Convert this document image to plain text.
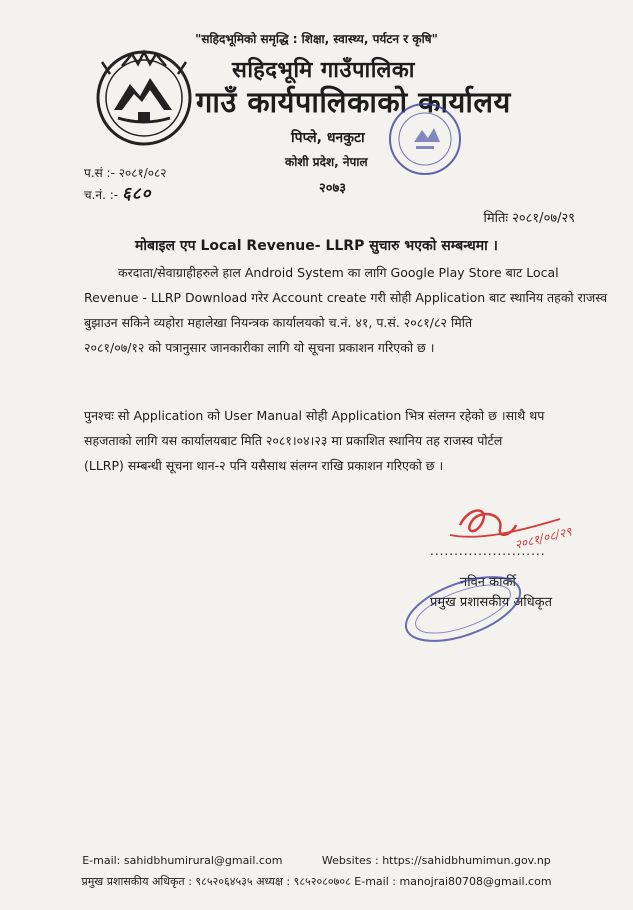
"सहिदभूमिको समृद्धि : शिक्षा, स्वास्थ्य, पर्यटन र कृषि"
सहिदभूमि गाउँपालिका
गाउँ कार्यपालिकाको कार्यालय
पिप्ले, धनकुटा
कोशी प्रदेश, नेपाल
२०७३
प.सं :- २०८१/०८२
च.नं. :- ६८०
मितिः २०८१/०७/२९
मोबाइल एप Local Revenue- LLRP सुचारु भएको सम्बन्धमा ।
करदाता/सेवाग्राहीहरुले हाल Android System का लागि Google Play Store बाट Local
Revenue - LLRP Download गरेर Account create गरी सोही Application बाट स्थानिय तहको राजस्व
बुझाउन सकिने व्यहोरा महालेखा नियन्त्रक कार्यालयको च.नं. ४१, प.सं. २०८१/८२ मिति
२०८१/०७/१२ को पत्रानुसार जानकारीका लागि यो सूचना प्रकाशन गरिएको छ ।
पुनश्चः सो Application को User Manual सोही Application भित्र संलग्न रहेको छ ।साथै थप
सहजताको लागि यस कार्यालयबाट मिति २०८१।०४।२३ मा प्रकाशित स्थानिय तह राजस्व पोर्टल
(LLRP) सम्बन्धी सूचना थान-२ पनि यसैसाथ संलग्न राखि प्रकाशन गरिएको छ ।
२०८१/०८/२९
........................
नविन कार्की
प्रमुख प्रशासकीय अधिकृत
E-mail: sahidbhumirural@gmail.com	Websites : https://sahidbhumimun.gov.np
प्रमुख प्रशासकीय अधिकृत : ९८५२०६४५३५ अध्यक्ष : ९८५२०८०७०८ E-mail : manojrai80708@gmail.com
